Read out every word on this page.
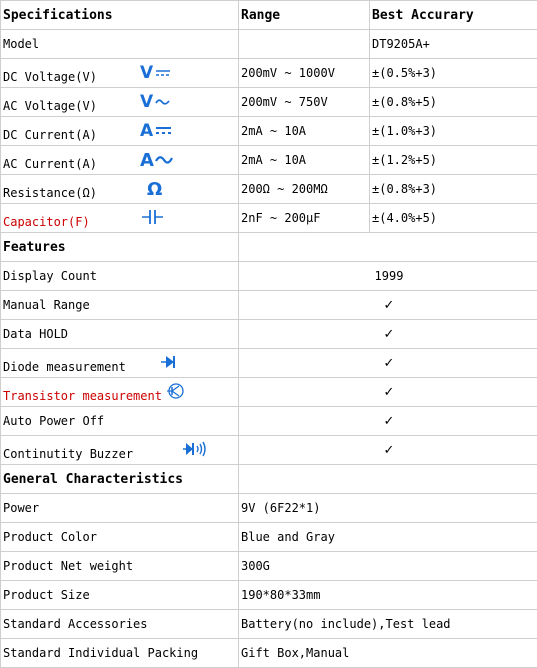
Specifications	Range	Best Accurary
Model		DT9205A+
DC Voltage(V) V	200mV ~ 1000V	±(0.5%+3)
AC Voltage(V) V	200mV ~ 750V	±(0.8%+5)
DC Current(A) A	2mA ~ 10A	±(1.0%+3)
AC Current(A) A	2mA ~ 10A	±(1.2%+5)
Resistance(Ω) Ω	200Ω ~ 200MΩ	±(0.8%+3)
Capacitor(F)	2nF ~ 200μF	±(4.0%+5)
Features		
Display Count	1999	
Manual Range	✓	
Data HOLD	✓	
Diode measurement	✓	
Transistor measurement	✓	
Auto Power Off	✓	
Continutity Buzzer	✓	
General Characteristics		
Power	9V (6F22*1)	
Product Color	Blue and Gray	
Product Net weight	300G	
Product Size	190*80*33mm	
Standard Accessories	Battery(no include),Test lead	
Standard Individual Packing	Gift Box,Manual	
